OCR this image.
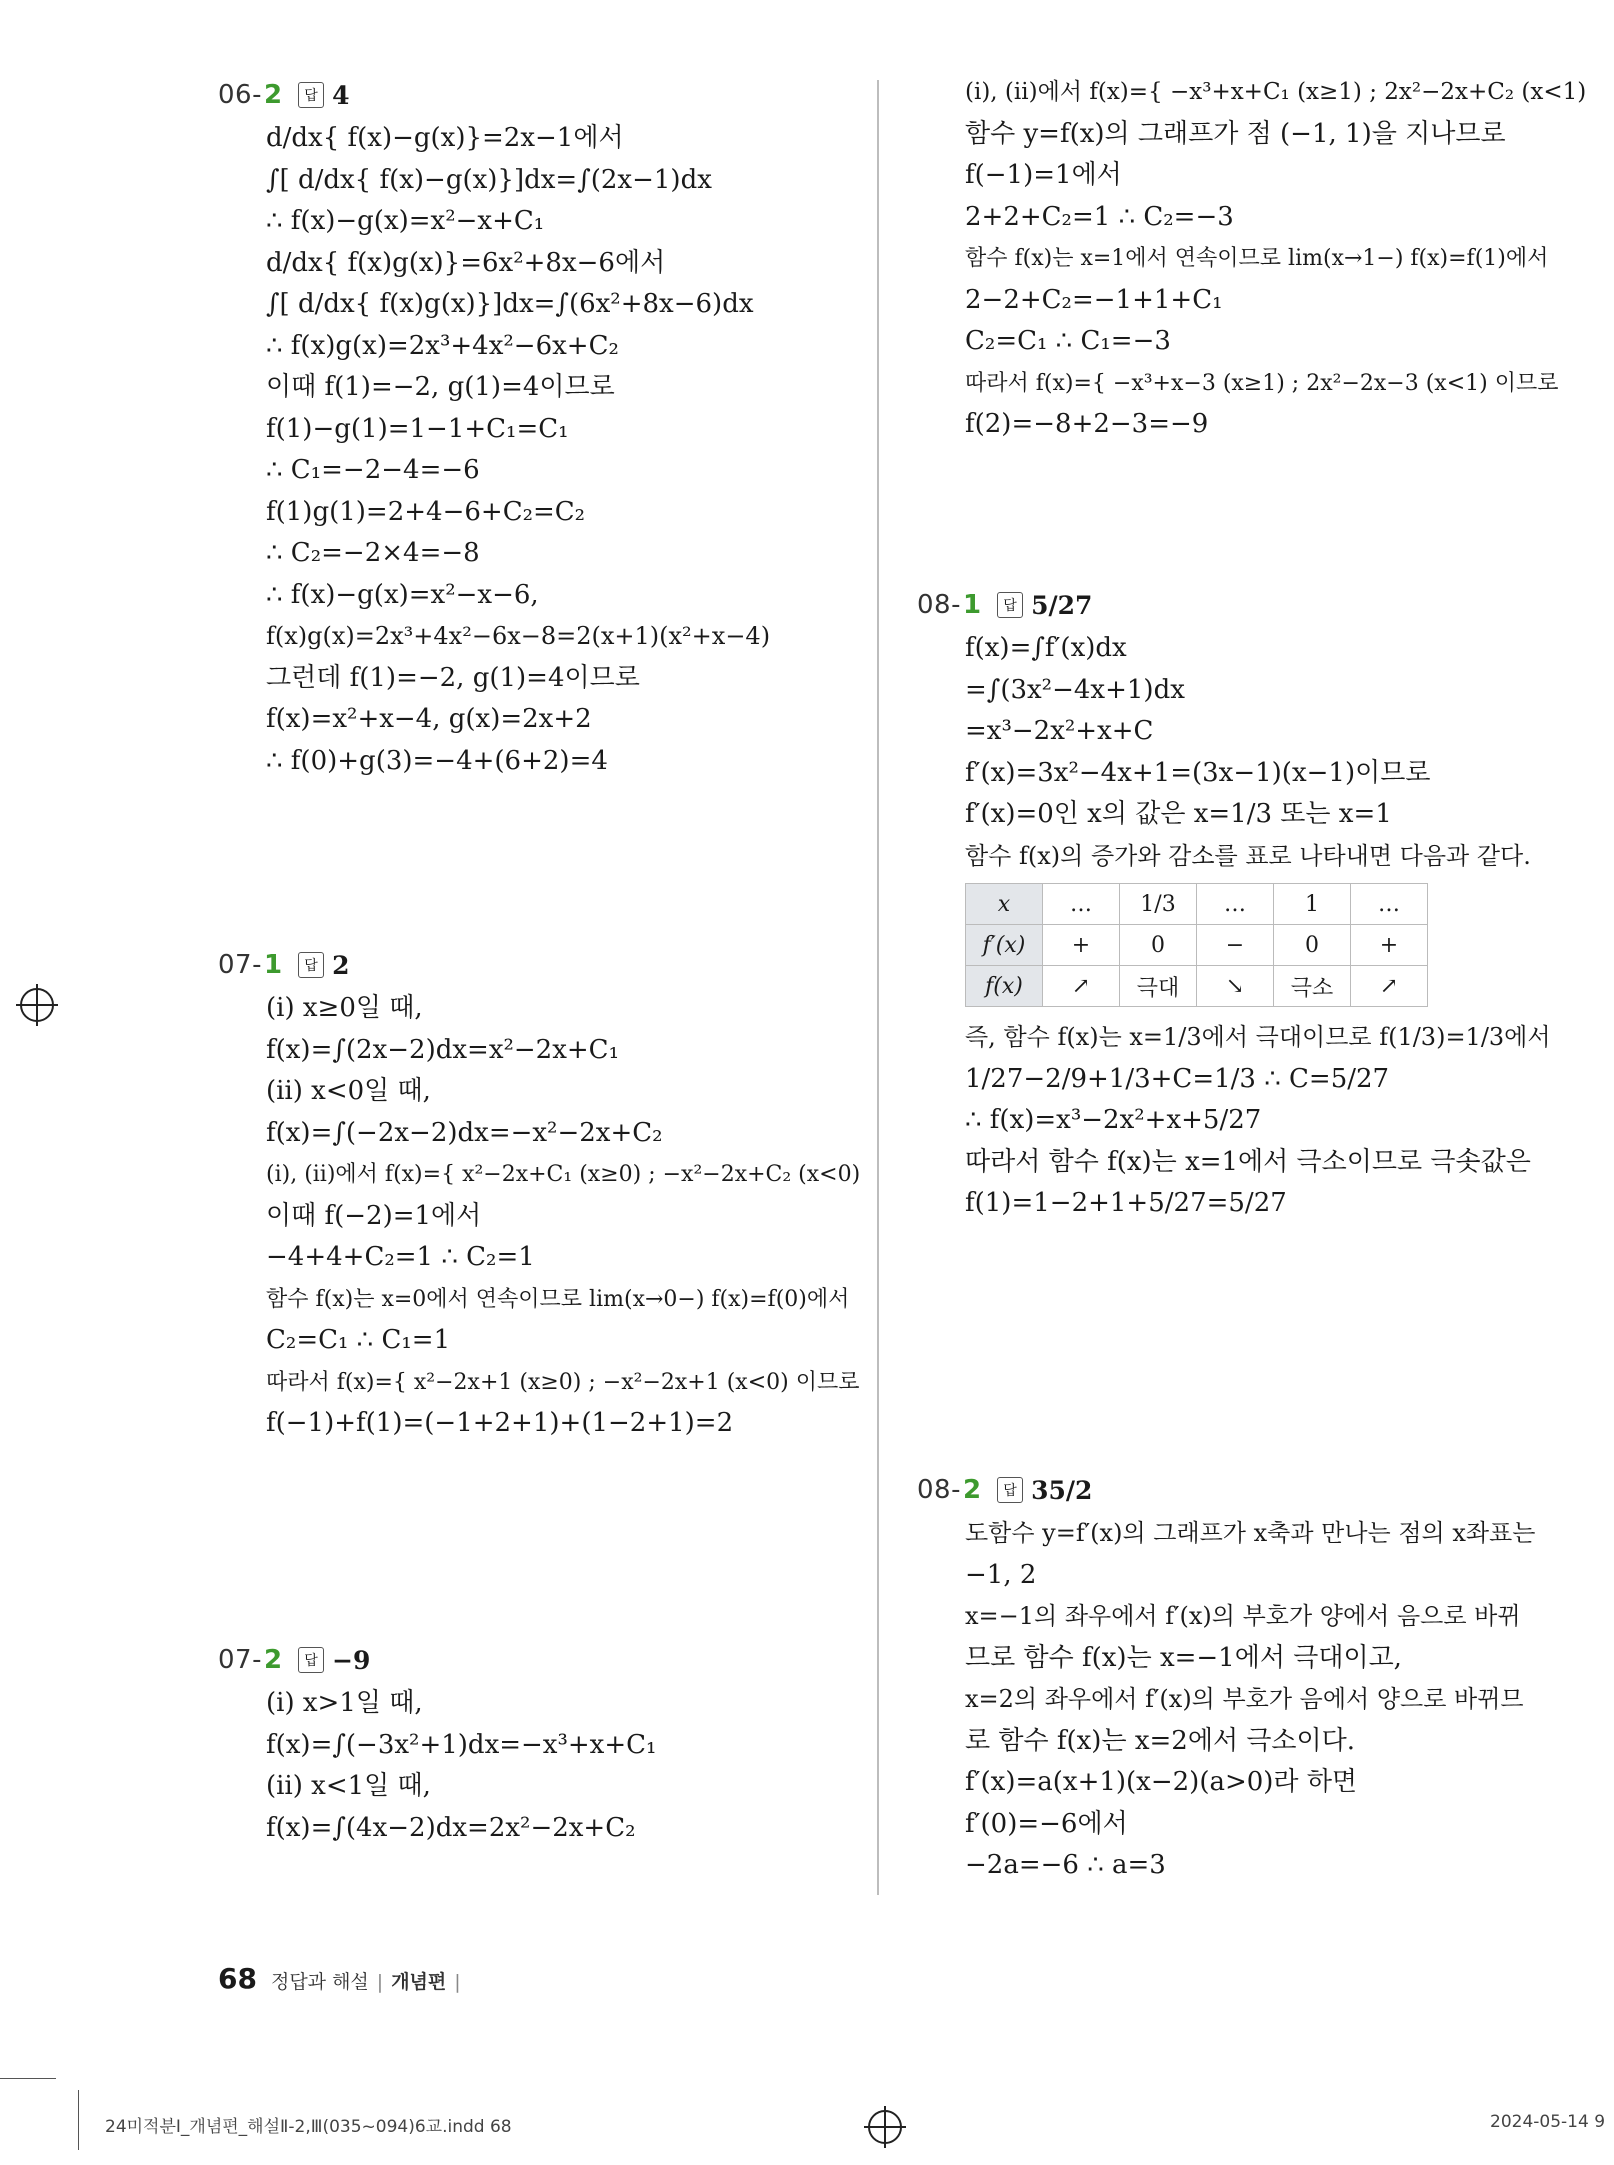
06- 2	답 4
d/dx{ f(x)−g(x)}=2x−1에서
∫[ d/dx{ f(x)−g(x)}]dx=∫(2x−1)dx
∴ f(x)−g(x)=x²−x+C₁
d/dx{ f(x)g(x)}=6x²+8x−6에서
∫[ d/dx{ f(x)g(x)}]dx=∫(6x²+8x−6)dx
∴ f(x)g(x)=2x³+4x²−6x+C₂
이때 f(1)=−2, g(1)=4이므로
f(1)−g(1)=1−1+C₁=C₁
∴ C₁=−2−4=−6
f(1)g(1)=2+4−6+C₂=C₂
∴ C₂=−2×4=−8
∴ f(x)−g(x)=x²−x−6,
f(x)g(x)=2x³+4x²−6x−8=2(x+1)(x²+x−4)
그런데 f(1)=−2, g(1)=4이므로
f(x)=x²+x−4, g(x)=2x+2
∴ f(0)+g(3)=−4+(6+2)=4
07- 1	답 2
(ⅰ) x≥0일 때,
f(x)=∫(2x−2)dx=x²−2x+C₁
(ⅱ) x<0일 때,
f(x)=∫(−2x−2)dx=−x²−2x+C₂
(ⅰ), (ⅱ)에서 f(x)={ x²−2x+C₁ (x≥0) ; −x²−2x+C₂ (x<0)
이때 f(−2)=1에서
−4+4+C₂=1 ∴ C₂=1
함수 f(x)는 x=0에서 연속이므로 lim(x→0−) f(x)=f(0)에서
C₂=C₁ ∴ C₁=1
따라서 f(x)={ x²−2x+1 (x≥0) ; −x²−2x+1 (x<0) 이므로
f(−1)+f(1)=(−1+2+1)+(1−2+1)=2
07- 2	답 −9
(ⅰ) x>1일 때,
f(x)=∫(−3x²+1)dx=−x³+x+C₁
(ⅱ) x<1일 때,
f(x)=∫(4x−2)dx=2x²−2x+C₂
(ⅰ), (ⅱ)에서 f(x)={ −x³+x+C₁ (x≥1) ; 2x²−2x+C₂ (x<1)
함수 y=f(x)의 그래프가 점 (−1, 1)을 지나므로
f(−1)=1에서
2+2+C₂=1 ∴ C₂=−3
함수 f(x)는 x=1에서 연속이므로 lim(x→1−) f(x)=f(1)에서
2−2+C₂=−1+1+C₁
C₂=C₁ ∴ C₁=−3
따라서 f(x)={ −x³+x−3 (x≥1) ; 2x²−2x−3 (x<1) 이므로
f(2)=−8+2−3=−9
08- 1	답 5/27
f(x)=∫f′(x)dx
=∫(3x²−4x+1)dx
=x³−2x²+x+C
f′(x)=3x²−4x+1=(3x−1)(x−1)이므로
f′(x)=0인 x의 값은 x=1/3 또는 x=1
함수 f(x)의 증가와 감소를 표로 나타내면 다음과 같다.
x	…	1/3	…	1	…
f′(x)	+	0	−	0	+
f(x)	↗	극대	↘	극소	↗
즉, 함수 f(x)는 x=1/3에서 극대이므로 f(1/3)=1/3에서
1/27−2/9+1/3+C=1/3 ∴ C=5/27
∴ f(x)=x³−2x²+x+5/27
따라서 함수 f(x)는 x=1에서 극소이므로 극솟값은
f(1)=1−2+1+5/27=5/27
08- 2	답 35/2
도함수 y=f′(x)의 그래프가 x축과 만나는 점의 x좌표는
−1, 2
x=−1의 좌우에서 f′(x)의 부호가 양에서 음으로 바뀌
므로 함수 f(x)는 x=−1에서 극대이고,
x=2의 좌우에서 f′(x)의 부호가 음에서 양으로 바뀌므
로 함수 f(x)는 x=2에서 극소이다.
f′(x)=a(x+1)(x−2)(a>0)라 하면
f′(0)=−6에서
−2a=−6 ∴ a=3
68 정답과 해설 | 개념편 |
24미적분Ⅰ_개념편_해설Ⅱ-2,Ⅲ(035~094)6교.indd 68	2024-05-14 9
